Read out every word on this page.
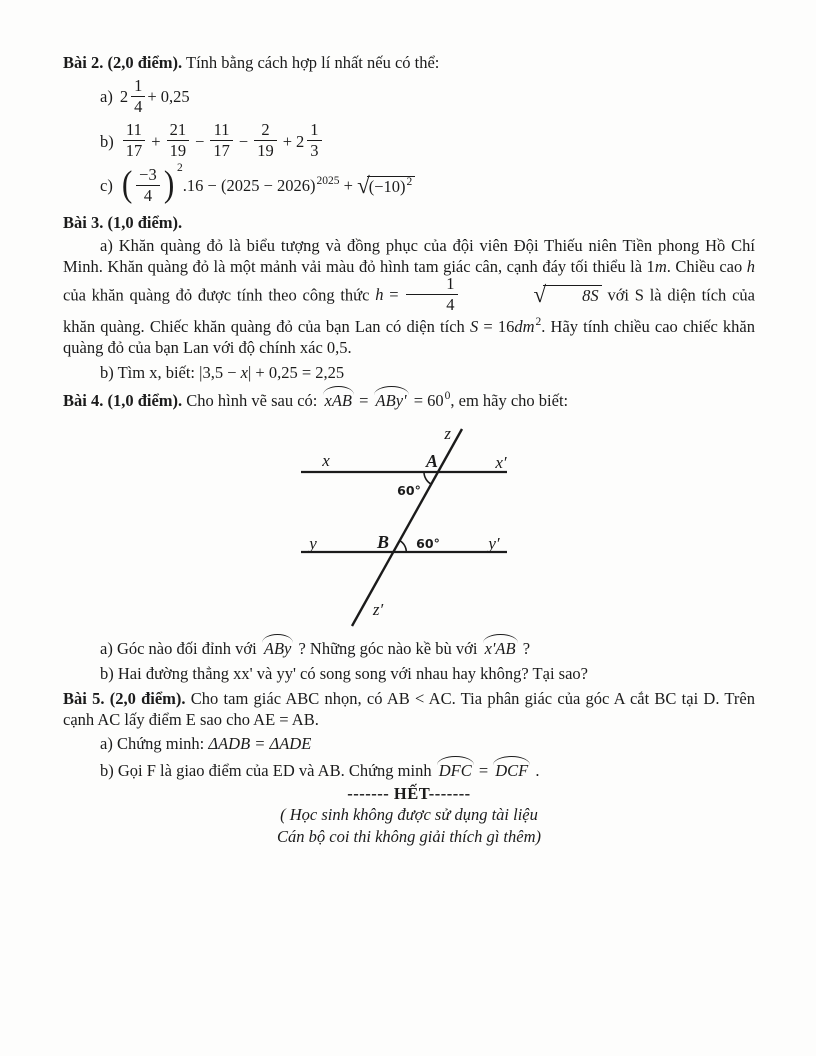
Bài 2. (2,0 điểm). Tính bằng cách hợp lí nhất nếu có thể:
a) $2 \frac{1}{4} + 0,25$
$b) \frac{11}{17} + \frac{21}{19} - \frac{11}{17} - \frac{2}{19} + 2 \frac{1}{3}$
c) ( $\frac{-3}{4}$ ) $^2.16 - (2025 - 2026)^{2025} + √(-10)^2$
Bài 3. (1,0 điểm).

a) Khăn quàng đỏ là biểu tượng và đồng phục của đội viên Đội Thiếu niên Tiền phong Hồ Chí Minh. Khăn quàng đỏ là một mảnh vải màu đỏ hình tam giác cân, cạnh đáy tối thiểu là 1m. Chiều cao h của khăn quàng đỏ được tính theo công thức $h = \frac{1}{4}$	√ 8S với S là diện tích của khăn quàng. Chiếc khăn quàng đỏ của bạn Lan có diện tích $S = 16dm^2$. Hãy tính chiều cao chiếc khăn quàng đỏ của bạn Lan với độ chính xác 0,5.

b) Tìm x, biết: |3,5 − x| + 0,25 = 2,25
Bài 4. (1,0 điểm). Cho hình vẽ sau có: xAB = $ABy' = 60^0$, em hãy cho biết:
z
x	A	x′
60°
y	B 60°	y′
z′
a) Góc nào đối đỉnh với ABy ? Những góc nào kề bù với x'AB ?
b) Hai đường thẳng xx' và yy' có song song với nhau hay không? Tại sao?

Bài 5. (2,0 điểm). Cho tam giác ABC nhọn, có AB < AC. Tia phân giác của góc A cắt BC tại D. Trên cạnh AC lấy điểm E sao cho AE = AB.

a) Chứng minh: ΔADB = ΔADE
b) Gọi F là giao điểm của ED và AB. Chứng minh DFC = DCF .
------- HẾT-------
( Học sinh không được sử dụng tài liệu
Cán bộ coi thi không giải thích gì thêm)
